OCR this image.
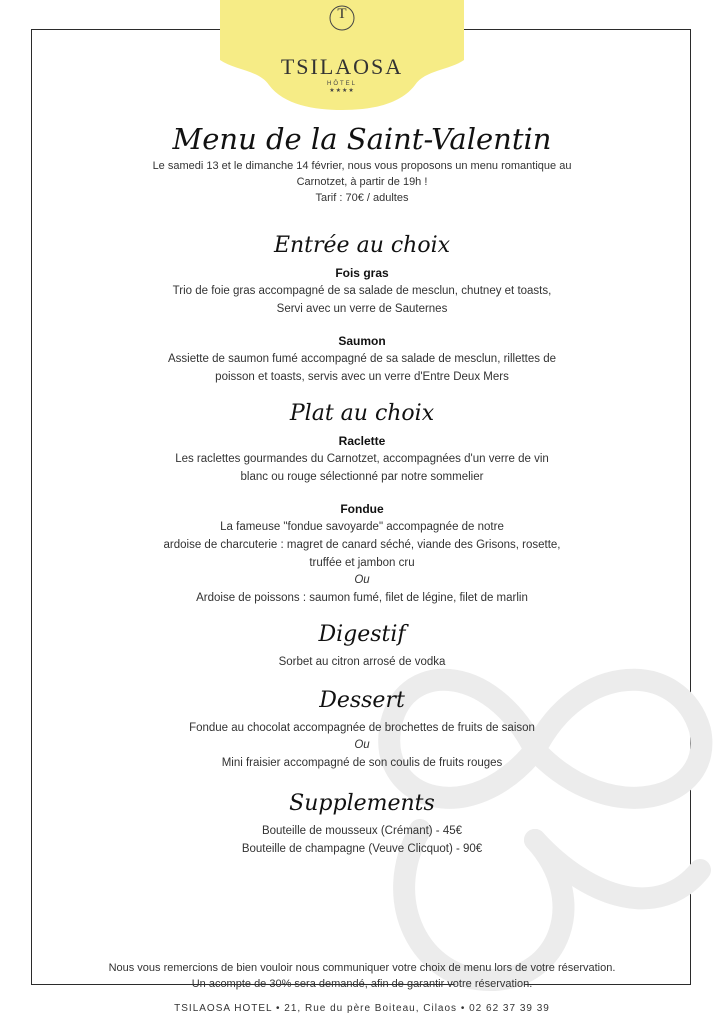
T
TSILAOSA
HÔTEL
★★★★
Menu de la Saint-Valentin
Le samedi 13 et le dimanche 14 février, nous vous proposons un menu romantique au
Carnotzet, à partir de 19h !
Tarif : 70€ / adultes
Entrée au choix
Fois gras
Trio de foie gras accompagné de sa salade de mesclun, chutney et toasts,
Servi avec un verre de Sauternes
Saumon
Assiette de saumon fumé accompagné de sa salade de mesclun, rillettes de
poisson et toasts, servis avec un verre d'Entre Deux Mers
Plat au choix
Raclette
Les raclettes gourmandes du Carnotzet, accompagnées d'un verre de vin
blanc ou rouge sélectionné par notre sommelier
Fondue
La fameuse "fondue savoyarde" accompagnée de notre
ardoise de charcuterie : magret de canard séché, viande des Grisons, rosette,
truffée et jambon cru
Ou
Ardoise de poissons : saumon fumé, filet de légine, filet de marlin
Digestif
Sorbet au citron arrosé de vodka
Dessert
Fondue au chocolat accompagnée de brochettes de fruits de saison
Ou
Mini fraisier accompagné de son coulis de fruits rouges
Supplements
Bouteille de mousseux (Crémant) - 45€
Bouteille de champagne (Veuve Clicquot) - 90€
Nous vous remercions de bien vouloir nous communiquer votre choix de menu lors de votre réservation.
Un acompte de 30% sera demandé, afin de garantir votre réservation.
TSILAOSA HOTEL • 21, Rue du père Boiteau, Cilaos • 02 62 37 39 39
